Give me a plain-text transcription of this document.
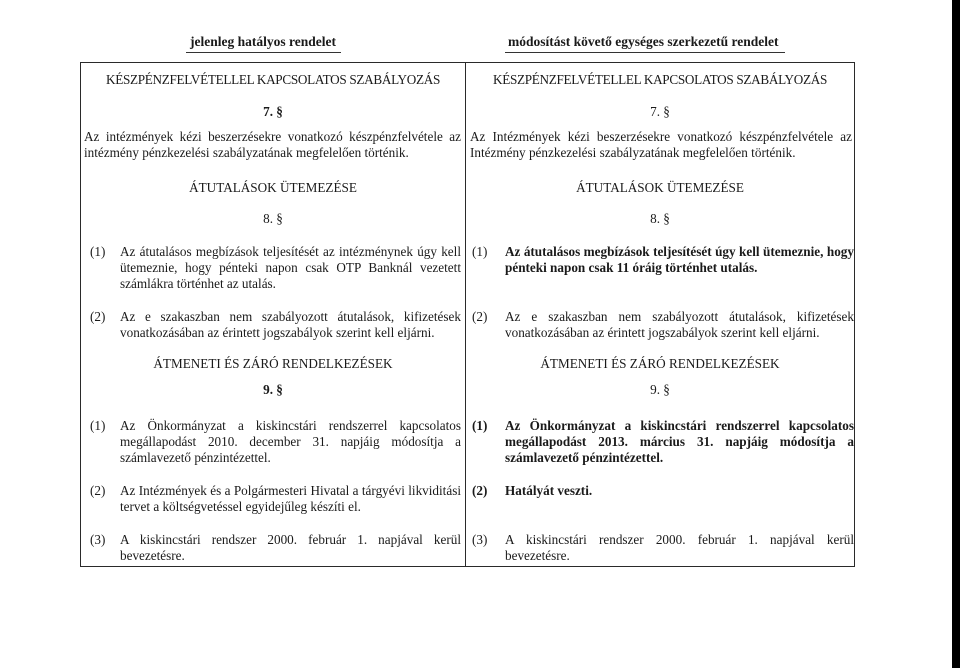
jelenleg hatályos rendelet	módosítást követő egységes szerkezetű rendelet
KÉSZPÉNZFELVÉTELLEL KAPCSOLATOS SZABÁLYOZÁS
7. §
Az intézmények kézi beszerzésekre vonatkozó készpénzfelvétele az intézmény pénzkezelési szabályzatának megfelelően történik.
ÁTUTALÁSOK ÜTEMEZÉSE
8. §
(1) Az átutalásos megbízások teljesítését az intézménynek úgy kell ütemeznie, hogy pénteki napon csak OTP Banknál vezetett számlákra történhet az utalás.
(2) Az e szakaszban nem szabályozott átutalások, kifizetések vonatkozásában az érintett jogszabályok szerint kell eljárni.
ÁTMENETI ÉS ZÁRÓ RENDELKEZÉSEK
9. §
(1) Az Önkormányzat a kiskincstári rendszerrel kapcsolatos megállapodást 2010. december 31. napjáig módosítja a számlavezető pénzintézettel.
(2) Az Intézmények és a Polgármesteri Hivatal a tárgyévi likviditási tervet a költségvetéssel egyidejűleg készíti el.
(3) A kiskincstári rendszer 2000. február 1. napjával kerül bevezetésre.
KÉSZPÉNZFELVÉTELLEL KAPCSOLATOS SZABÁLYOZÁS
7. §
Az Intézmények kézi beszerzésekre vonatkozó készpénzfelvétele az Intézmény pénzkezelési szabályzatának megfelelően történik.
ÁTUTALÁSOK ÜTEMEZÉSE
8. §
(1) Az átutalásos megbízások teljesítését úgy kell ütemeznie, hogy pénteki napon csak 11 óráig történhet utalás.
(2) Az e szakaszban nem szabályozott átutalások, kifizetések vonatkozásában az érintett jogszabályok szerint kell eljárni.
ÁTMENETI ÉS ZÁRÓ RENDELKEZÉSEK
9. §
(1) Az Önkormányzat a kiskincstári rendszerrel kapcsolatos megállapodást 2013. március 31. napjáig módosítja a számlavezető pénzintézettel.
(2) Hatályát veszti.
(3) A kiskincstári rendszer 2000. február 1. napjával kerül bevezetésre.
